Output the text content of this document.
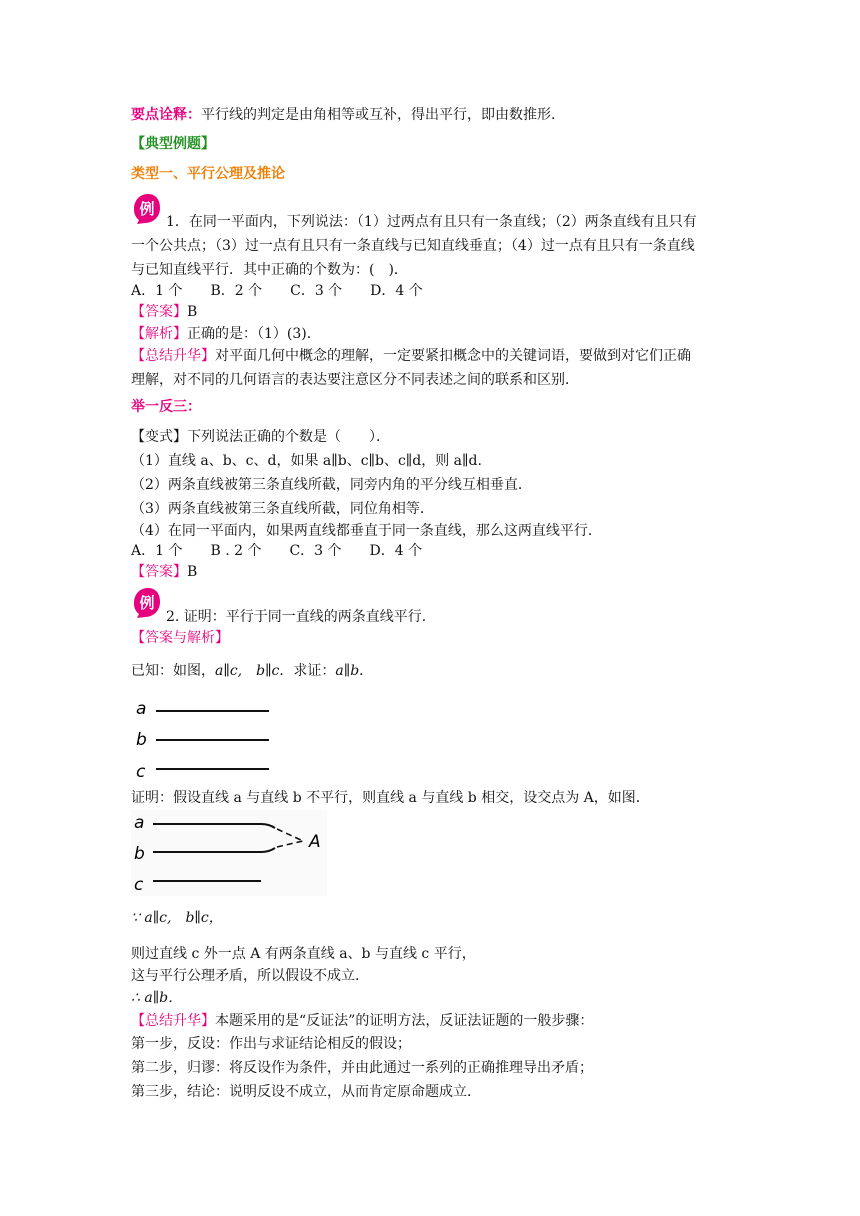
要点诠释：平行线的判定是由角相等或互补，得出平行，即由数推形.
【典型例题】
类型一、平行公理及推论
例
1．在同一平面内，下列说法：（1）过两点有且只有一条直线；（2）两条直线有且只有
一个公共点；（3）过一点有且只有一条直线与已知直线垂直；（4）过一点有且只有一条直线
与已知直线平行．其中正确的个数为：(　)．
A．1 个　　B．2 个　　C．3 个　　D．4 个
【答案】B
【解析】正确的是：（1）(3).
【总结升华】对平面几何中概念的理解，一定要紧扣概念中的关键词语，要做到对它们正确
理解，对不同的几何语言的表达要注意区分不同表述之间的联系和区别．
举一反三：
【变式】下列说法正确的个数是（　　）．
（1）直线 a、b、c、d，如果 a∥b、c∥b、c∥d，则 a∥d.
（2）两条直线被第三条直线所截，同旁内角的平分线互相垂直．
（3）两条直线被第三条直线所截，同位角相等．
（4）在同一平面内，如果两直线都垂直于同一条直线，那么这两直线平行．
A．1 个　　B . 2 个　　C．3 个　　D．4 个
【答案】B
例
2. 证明：平行于同一直线的两条直线平行．
【答案与解析】
已知：如图，a∥c,　b∥c．求证：a∥b．
a
b
c
证明：假设直线 a 与直线 b 不平行，则直线 a 与直线 b 相交，设交点为 A，如图．
a
b
A
c
∵ a∥c,　b∥c，
则过直线 c 外一点 A 有两条直线 a、b 与直线 c 平行，
这与平行公理矛盾，所以假设不成立．
∴ a∥b．
【总结升华】本题采用的是“反证法”的证明方法，反证法证题的一般步骤：
第一步，反设：作出与求证结论相反的假设；
第二步，归谬：将反设作为条件，并由此通过一系列的正确推理导出矛盾；
第三步，结论：说明反设不成立，从而肯定原命题成立．
